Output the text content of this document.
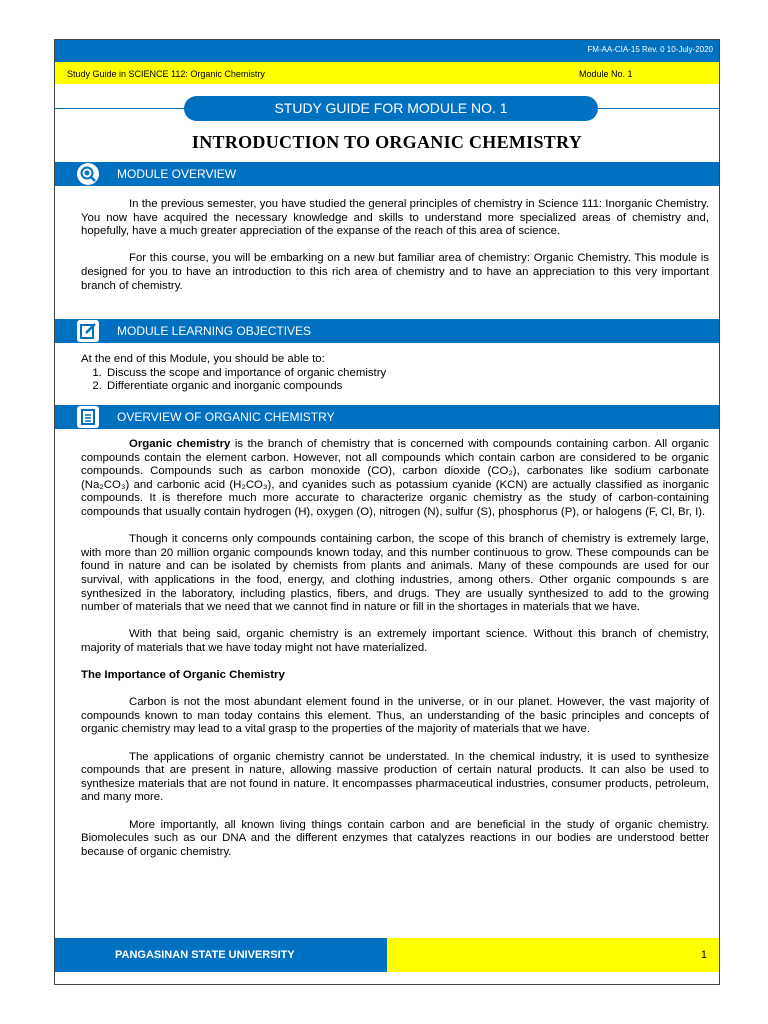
FM-AA-CIA-15 Rev. 0 10-July-2020
Study Guide in SCIENCE 112: Organic Chemistry	Module No. 1
STUDY GUIDE FOR MODULE NO. 1
INTRODUCTION TO ORGANIC CHEMISTRY
MODULE OVERVIEW

In the previous semester, you have studied the general principles of chemistry in Science 111: Inorganic Chemistry. You now have acquired the necessary knowledge and skills to understand more specialized areas of chemistry and, hopefully, have a much greater appreciation of the expanse of the reach of this area of science.

For this course, you will be embarking on a new but familiar area of chemistry: Organic Chemistry. This module is designed for you to have an introduction to this rich area of chemistry and to have an appreciation to this very important branch of chemistry.

MODULE LEARNING OBJECTIVES
At the end of this Module, you should be able to:
1. Discuss the scope and importance of organic chemistry
2. Differentiate organic and inorganic compounds
OVERVIEW OF ORGANIC CHEMISTRY

Organic chemistry is the branch of chemistry that is concerned with compounds containing carbon. All organic compounds contain the element carbon. However, not all compounds which contain carbon are considered to be organic compounds. Compounds such as carbon monoxide (CO), carbon dioxide (CO₂), carbonates like sodium carbonate (Na₂CO₃) and carbonic acid (H₂CO₃), and cyanides such as potassium cyanide (KCN) are actually classified as inorganic compounds. It is therefore much more accurate to characterize organic chemistry as the study of carbon-containing compounds that usually contain hydrogen (H), oxygen (O), nitrogen (N), sulfur (S), phosphorus (P), or halogens (F, Cl, Br, I).

Though it concerns only compounds containing carbon, the scope of this branch of chemistry is extremely large, with more than 20 million organic compounds known today, and this number continuous to grow. These compounds can be found in nature and can be isolated by chemists from plants and animals. Many of these compounds are used for our survival, with applications in the food, energy, and clothing industries, among others. Other organic compounds s are synthesized in the laboratory, including plastics, fibers, and drugs. They are usually synthesized to add to the growing number of materials that we need that we cannot find in nature or fill in the shortages in materials that we have.

With that being said, organic chemistry is an extremely important science. Without this branch of chemistry, majority of materials that we have today might not have materialized.

The Importance of Organic Chemistry

Carbon is not the most abundant element found in the universe, or in our planet. However, the vast majority of compounds known to man today contains this element. Thus, an understanding of the basic principles and concepts of organic chemistry may lead to a vital grasp to the properties of the majority of materials that we have.

The applications of organic chemistry cannot be understated. In the chemical industry, it is used to synthesize compounds that are present in nature, allowing massive production of certain natural products. It can also be used to synthesize materials that are not found in nature. It encompasses pharmaceutical industries, consumer products, petroleum, and many more.

More importantly, all known living things contain carbon and are beneficial in the study of organic chemistry. Biomolecules such as our DNA and the different enzymes that catalyzes reactions in our bodies are understood better because of organic chemistry.

PANGASINAN STATE UNIVERSITY	1
